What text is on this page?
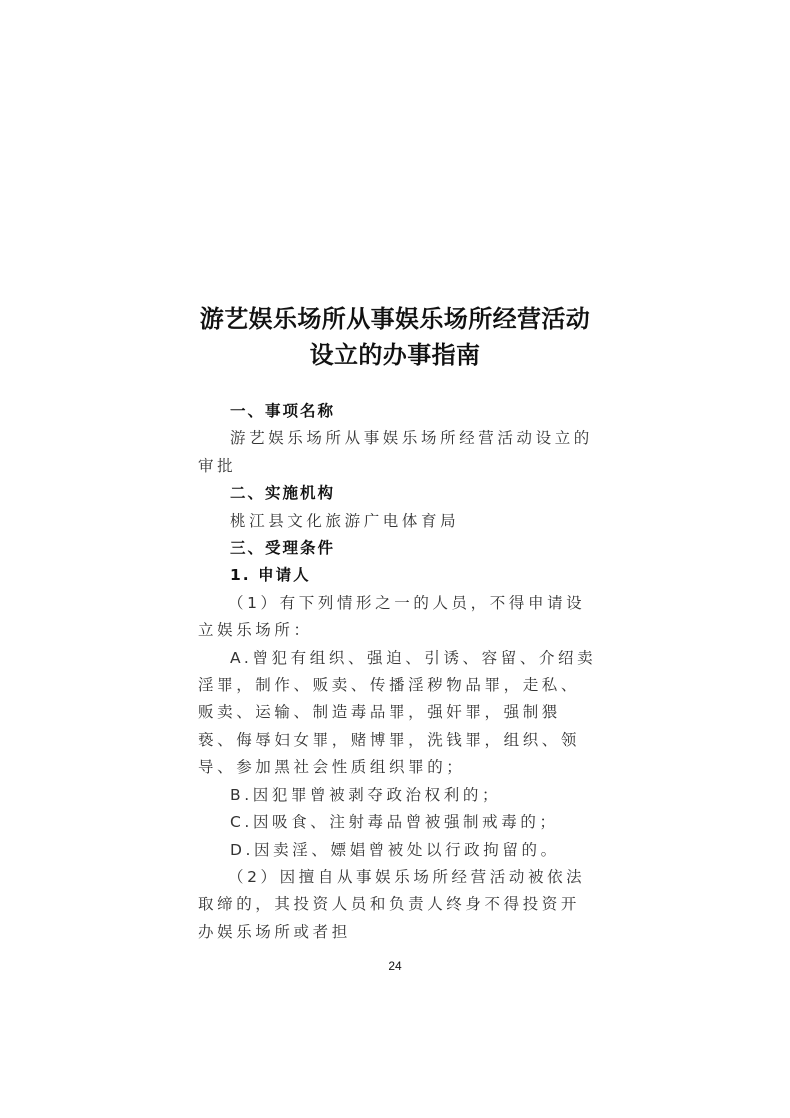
游艺娱乐场所从事娱乐场所经营活动
设立的办事指南

一、事项名称

游艺娱乐场所从事娱乐场所经营活动设立的审批

二、实施机构

桃江县文化旅游广电体育局

三、受理条件

1. 申请人

（1）有下列情形之一的人员，不得申请设立娱乐场所：

A.曾犯有组织、强迫、引诱、容留、介绍卖淫罪，制作、贩卖、传播淫秽物品罪，走私、贩卖、运输、制造毒品罪，强奸罪，强制猥亵、侮辱妇女罪，赌博罪，洗钱罪，组织、领导、参加黑社会性质组织罪的；

B.因犯罪曾被剥夺政治权利的；

C.因吸食、注射毒品曾被强制戒毒的；

D.因卖淫、嫖娼曾被处以行政拘留的。

（2）因擅自从事娱乐场所经营活动被依法取缔的，其投资人员和负责人终身不得投资开办娱乐场所或者担

24
